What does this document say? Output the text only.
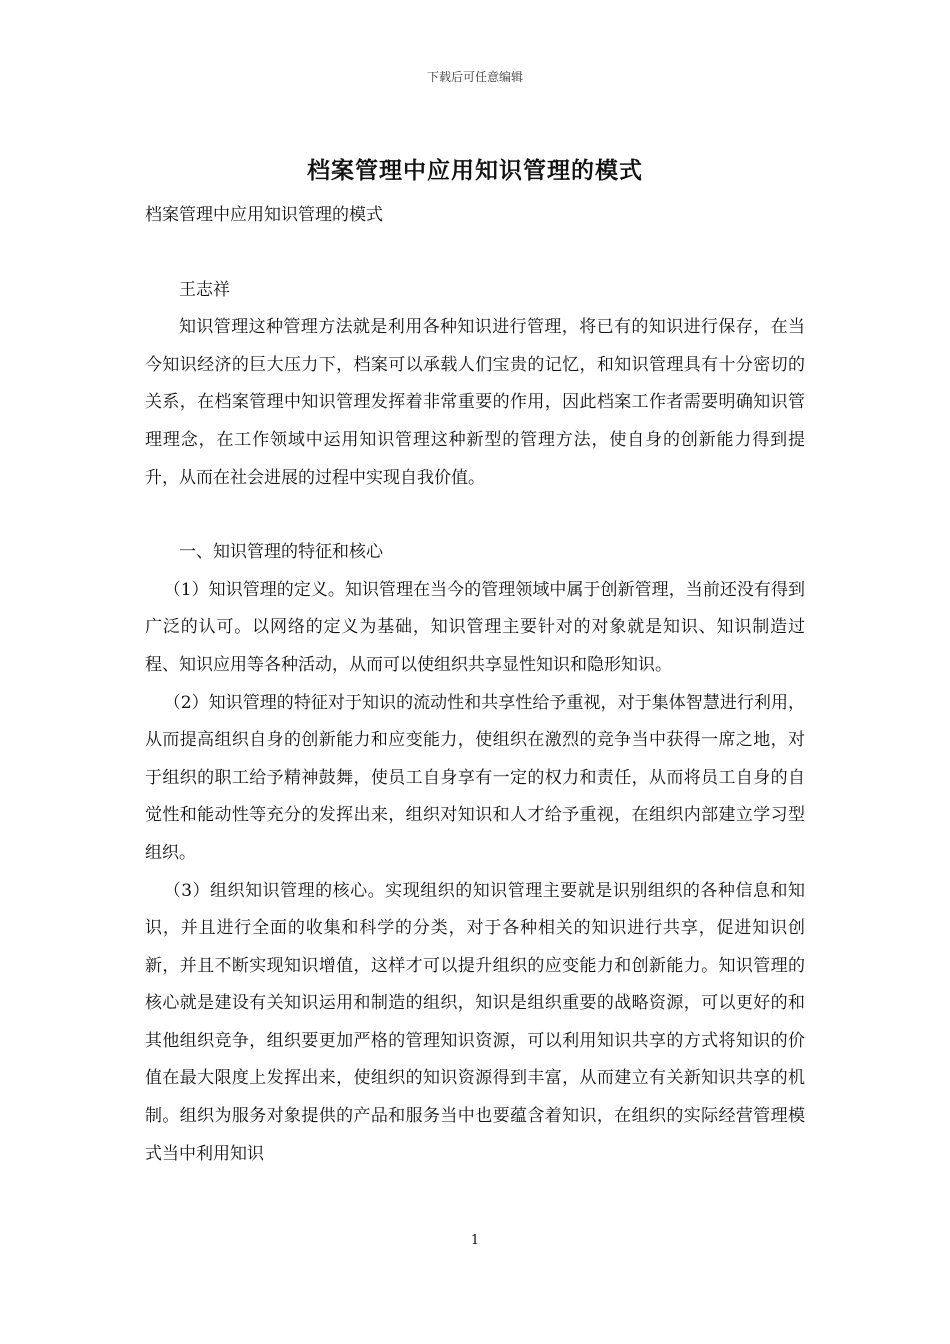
下载后可任意编辑
档案管理中应用知识管理的模式

档案管理中应用知识管理的模式

王志祥

知识管理这种管理方法就是利用各种知识进行管理，将已有的知识进行保存，在当今知识经济的巨大压力下，档案可以承载人们宝贵的记忆，和知识管理具有十分密切的关系，在档案管理中知识管理发挥着非常重要的作用，因此档案工作者需要明确知识管理理念，在工作领域中运用知识管理这种新型的管理方法，使自身的创新能力得到提升，从而在社会进展的过程中实现自我价值。

一、知识管理的特征和核心

（1）知识管理的定义。知识管理在当今的管理领域中属于创新管理，当前还没有得到广泛的认可。以网络的定义为基础，知识管理主要针对的对象就是知识、知识制造过程、知识应用等各种活动，从而可以使组织共享显性知识和隐形知识。

（2）知识管理的特征对于知识的流动性和共享性给予重视，对于集体智慧进行利用，从而提高组织自身的创新能力和应变能力，使组织在激烈的竞争当中获得一席之地，对于组织的职工给予精神鼓舞，使员工自身享有一定的权力和责任，从而将员工自身的自觉性和能动性等充分的发挥出来，组织对知识和人才给予重视，在组织内部建立学习型组织。

（3）组织知识管理的核心。实现组织的知识管理主要就是识别组织的各种信息和知识，并且进行全面的收集和科学的分类，对于各种相关的知识进行共享，促进知识创新，并且不断实现知识增值，这样才可以提升组织的应变能力和创新能力。知识管理的核心就是建设有关知识运用和制造的组织，知识是组织重要的战略资源，可以更好的和其他组织竞争，组织要更加严格的管理知识资源，可以利用知识共享的方式将知识的价值在最大限度上发挥出来，使组织的知识资源得到丰富，从而建立有关新知识共享的机制。组织为服务对象提供的产品和服务当中也要蕴含着知识，在组织的实际经营管理模式当中利用知识

1
